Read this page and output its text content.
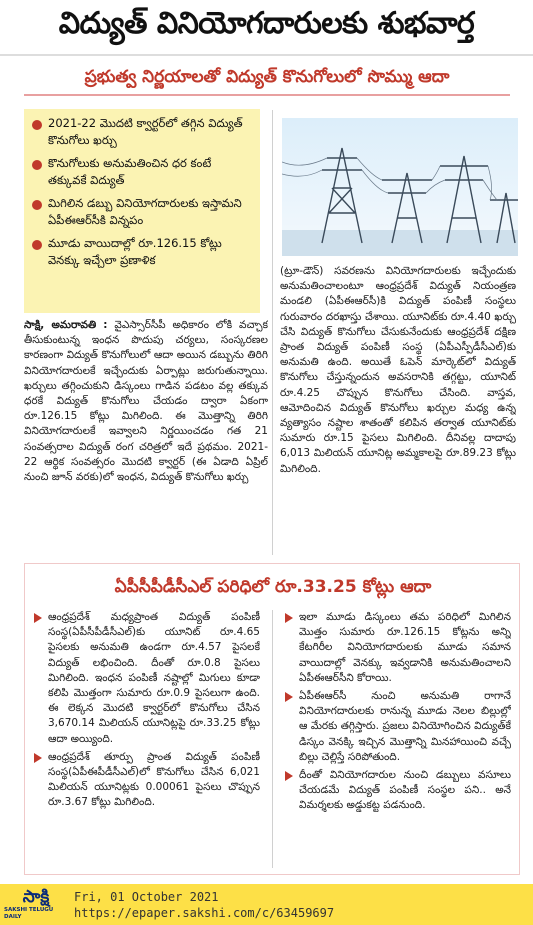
విద్యుత్ వినియోగదారులకు శుభవార్త
ప్రభుత్వ నిర్ణయాలతో విద్యుత్ కొనుగోలులో సొమ్ము ఆదా
2021-22 మొదటి క్వార్టర్‌లో తగ్గిన విద్యుత్ కొనుగోలు ఖర్చు
కొనుగోలుకు అనుమతించిన ధర కంటే తక్కువకే విద్యుత్
మిగిలిన డబ్బు వినియోగదారులకు ఇస్తామని ఏపీఈఆర్‌సీకి విన్నపం
మూడు వాయిదాల్లో రూ.126.15 కోట్లు వెనక్కు ఇచ్చేలా ప్రణాళిక
సాక్షి, అమరావతి : వైఎస్సార్‌సీపీ అధికారం లోకి వచ్చాక తీసుకుంటున్న ఇంధన పొదుపు చర్యలు, సంస్కరణల కారణంగా విద్యుత్ కొనుగోలులో ఆదా అయిన డబ్బును తిరిగి వినియోగదారులకే ఇచ్చేందుకు ఏర్పాట్లు జరుగుతున్నాయి. ఖర్చులు తగ్గించుకుని డిస్కంలు గాడిన పడటం వల్ల తక్కువ ధరకే విద్యుత్ కొనుగోలు చేయడం ద్వారా ఏకంగా రూ.126.15 కోట్లు మిగిలింది. ఈ మొత్తాన్ని తిరిగి వినియోగదారులకే ఇవ్వాలని నిర్ణయించడం గత 21 సంవత్సరాల విద్యుత్ రంగ చరిత్రలో ఇదే ప్రథమం. 2021-22 ఆర్థిక సంవత్సరం మొదటి క్వార్టర్ (ఈ ఏడాది ఏప్రిల్ నుంచి జూన్ వరకు)లో ఇంధన, విద్యుత్ కొనుగోలు ఖర్చు
(ట్రూ-డౌన్) సవరణను వినియోగదారులకు ఇచ్చేందుకు అనుమతించాలంటూ ఆంధ్రప్రదేశ్ విద్యుత్ నియంత్రణ మండలి (ఏపీఈఆర్‌సీ)కి విద్యుత్ పంపిణీ సంస్థలు గురువారం దరఖాస్తు చేశాయి. యూనిట్‌కు రూ.4.40 ఖర్చు చేసి విద్యుత్ కొనుగోలు చేసుకునేందుకు ఆంధ్రప్రదేశ్ దక్షిణ ప్రాంత విద్యుత్ పంపిణీ సంస్థ (ఏపీఎస్పీడీసీఎల్)కు అనుమతి ఉంది. అయితే ఓపెన్ మార్కెట్‌లో విద్యుత్ కొనుగోలు చేస్తున్నందున అవసరానికి తగ్గట్టు, యూనిట్ రూ.4.25 చొప్పున కొనుగోలు చేసింది. వాస్తవ, ఆమోదించిన విద్యుత్ కొనుగోలు ఖర్చుల మధ్య ఉన్న వ్యత్యాసం నష్టాల శాతంతో కలిపిన తర్వాత యూనిట్‌కు సుమారు రూ.15 పైసలు మిగిలింది. దీనివల్ల దాదాపు 6,013 మిలియన్ యూనిట్ల అమ్మకాలపై రూ.89.23 కోట్లు మిగిలింది.
ఏపీసీపీడీసీఎల్ పరిధిలో రూ.33.25 కోట్లు ఆదా
ఆంధ్రప్రదేశ్ మధ్యప్రాంత విద్యుత్ పంపిణీ సంస్థ(ఏపీసీపీడీసీఎల్)కు యూనిట్ రూ.4.65 పైసలకు అనుమతి ఉండగా రూ.4.57 పైసలకే విద్యుత్ లభించింది. దీంతో రూ.0.8 పైసలు మిగిలింది. ఇంధన పంపిణీ నష్టాల్లో మిగులు కూడా కలిపి మొత్తంగా సుమారు రూ.0.9 పైసలుగా ఉంది. ఈ లెక్కన మొదటి క్వార్టర్‌లో కొనుగోలు చేసిన 3,670.14 మిలియన్ యూనిట్లపై రూ.33.25 కోట్లు ఆదా అయ్యింది.
ఆంధ్రప్రదేశ్ తూర్పు ప్రాంత విద్యుత్ పంపిణీ సంస్థ(ఏపీఈపీడీసీఎల్)లో కొనుగోలు చేసిన 6,021 మిలియన్ యూనిట్లకు 0.00061 పైసలు చొప్పున రూ.3.67 కోట్లు మిగిలింది.
ఇలా మూడు డిస్కంలు తమ పరిధిలో మిగిలిన మొత్తం సుమారు రూ.126.15 కోట్లను అన్ని కేటగిరీల వినియోగదారులకు మూడు సమాన వాయిదాల్లో వెనక్కు ఇవ్వడానికి అనుమతించాలని ఏపీఈఆర్‌సీని కోరాయి.
ఏపీఈఆర్‌సీ నుంచి అనుమతి రాగానే వినియోగదారులకు రానున్న మూడు నెలల బిల్లుల్లో ఆ మేరకు తగ్గిస్తారు. ప్రజలు వినియోగించిన విద్యుత్‌కే డిస్కం వెనక్కి ఇచ్చిన మొత్తాన్ని మినహాయించి వచ్చే బిల్లు చెల్లిస్తే సరిపోతుంది.
దీంతో వినియోగదారుల నుంచి డబ్బులు వసూలు చేయడమే విద్యుత్ పంపిణీ సంస్థల పని.. అనే విమర్శలకు అడ్డుకట్ట పడనుంది.
సాక్షి
SAKSHI TELUGU DAILY
Fri, 01 October 2021
https://epaper.sakshi.com/c/63459697
